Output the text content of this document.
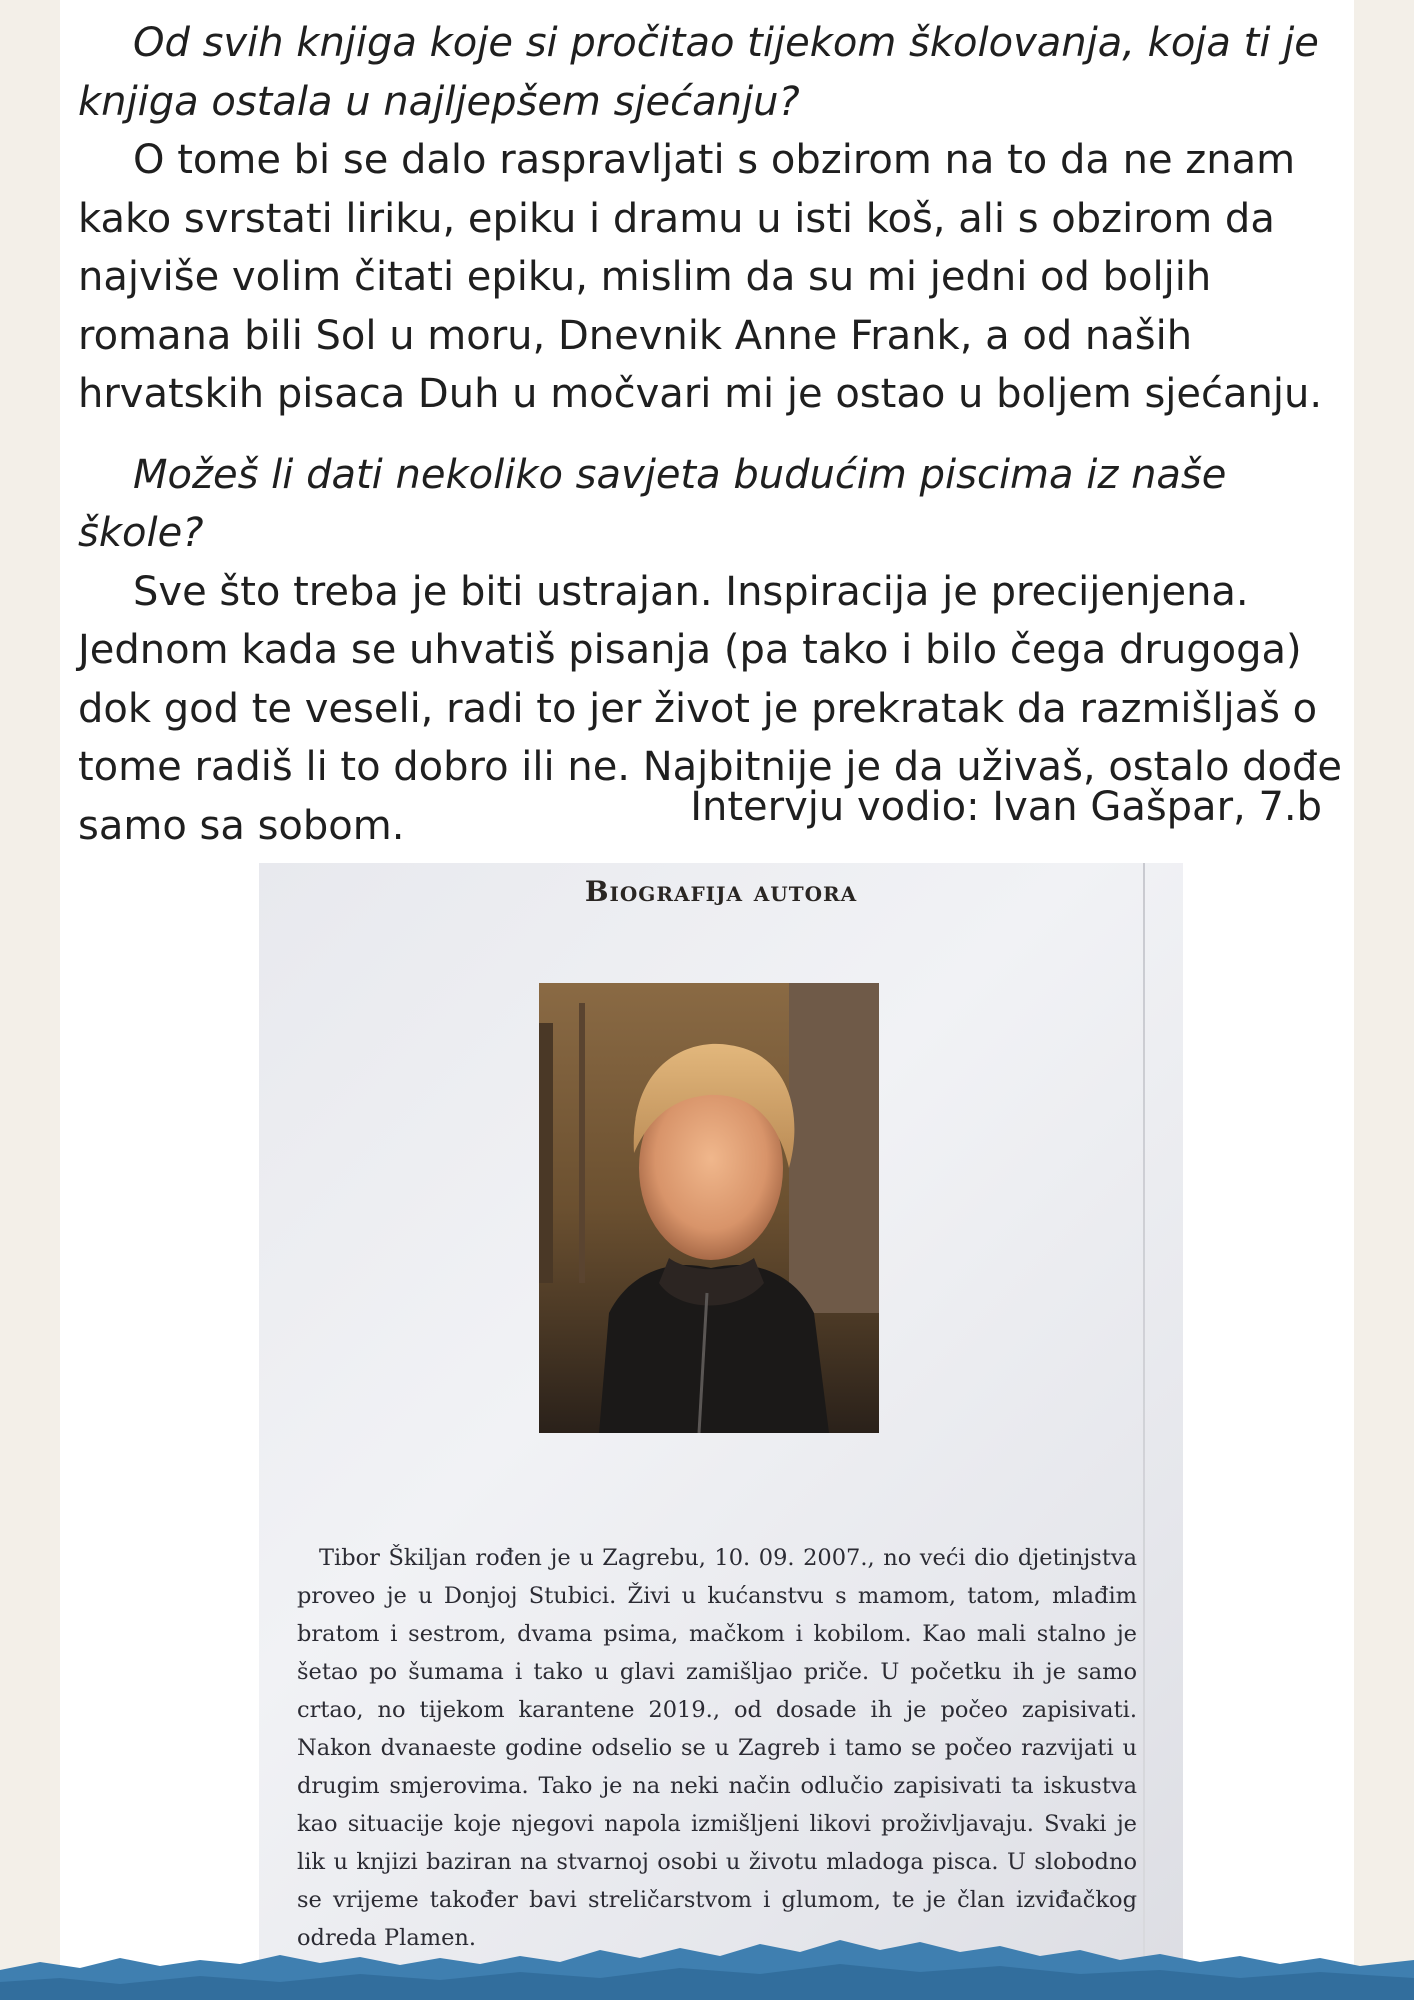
Od svih knjiga koje si pročitao tijekom školovanja, koja ti je knjiga ostala u najljepšem sjećanju?

O tome bi se dalo raspravljati s obzirom na to da ne znam kako svrstati liriku, epiku i dramu u isti koš, ali s obzirom da najviše volim čitati epiku, mislim da su mi jedni od boljih romana bili Sol u moru, Dnevnik Anne Frank, a od naših hrvatskih pisaca Duh u močvari mi je ostao u boljem sjećanju.

Možeš li dati nekoliko savjeta budućim piscima iz naše škole?

Sve što treba je biti ustrajan. Inspiracija je precijenjena. Jednom kada se uhvatiš pisanja (pa tako i bilo čega drugoga) dok god te veseli, radi to jer život je prekratak da razmišljaš o tome radiš li to dobro ili ne. Najbitnije je da uživaš, ostalo dođe samo sa sobom.	Intervju vodio: Ivan Gašpar, 7.b
Biografija autora
Tibor Škiljan rođen je u Zagrebu, 10. 09. 2007., no veći dio djetinjstva proveo je u Donjoj Stubici. Živi u kućanstvu s mamom, tatom, mlađim bratom i sestrom, dvama psima, mačkom i kobilom. Kao mali stalno je šetao po šumama i tako u glavi zamišljao priče. U početku ih je samo crtao, no tijekom karantene 2019., od dosade ih je počeo zapisivati. Nakon dvanaeste godine odselio se u Zagreb i tamo se počeo razvijati u drugim smjerovima. Tako je na neki način odlučio zapisivati ta iskustva kao situacije koje njegovi napola izmišljeni likovi proživljavaju. Svaki je lik u knjizi baziran na stvarnoj osobi u životu mladoga pisca. U slobodno se vrijeme također bavi streličarstvom i glumom, te je član izviđačkog odreda Plamen.
